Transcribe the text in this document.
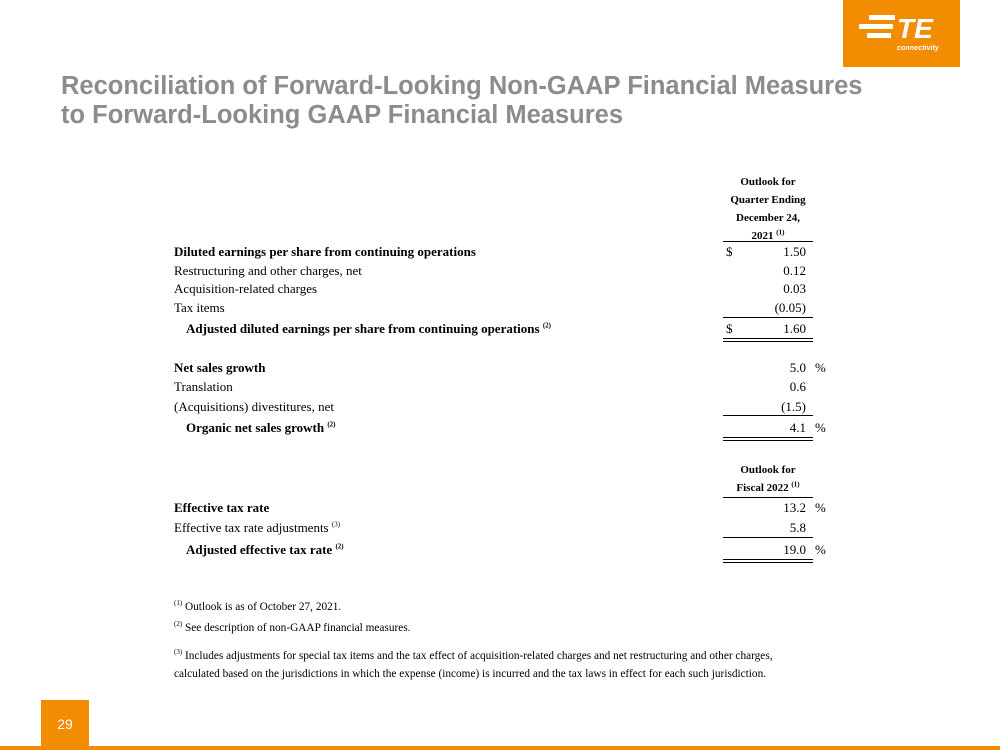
TE
connectivity
Reconciliation of Forward-Looking Non-GAAP Financial Measures
to Forward-Looking GAAP Financial Measures
Outlook for
Quarter Ending
December 24,
2021 $^{(1)}$
Diluted earnings per share from continuing operations	$	1.50
Restructuring and other charges, net	0.12
Acquisition-related charges	0.03
Tax items	(0.05)
Adjusted diluted earnings per share from continuing operations $^{(2)}$	$	1.60
Net sales growth	5.0 %
Translation	0.6
(Acquisitions) divestitures, net	(1.5)
Organic net sales growth $^{(2)}$	4.1 %
Outlook for
Fiscal 2022 $^{(1)}$
Effective tax rate	13.2 %
Effective tax rate adjustments $^{(3)}$	5.8
Adjusted effective tax rate $^{(2)}$	19.0 %
$^{(1)}$ Outlook is as of October 27, 2021.
$^{(2)}$ See description of non-GAAP financial measures.
$^{(3)}$ Includes adjustments for special tax items and the tax effect of acquisition-related charges and net restructuring and other charges,
calculated based on the jurisdictions in which the expense (income) is incurred and the tax laws in effect for each such jurisdiction.
29
